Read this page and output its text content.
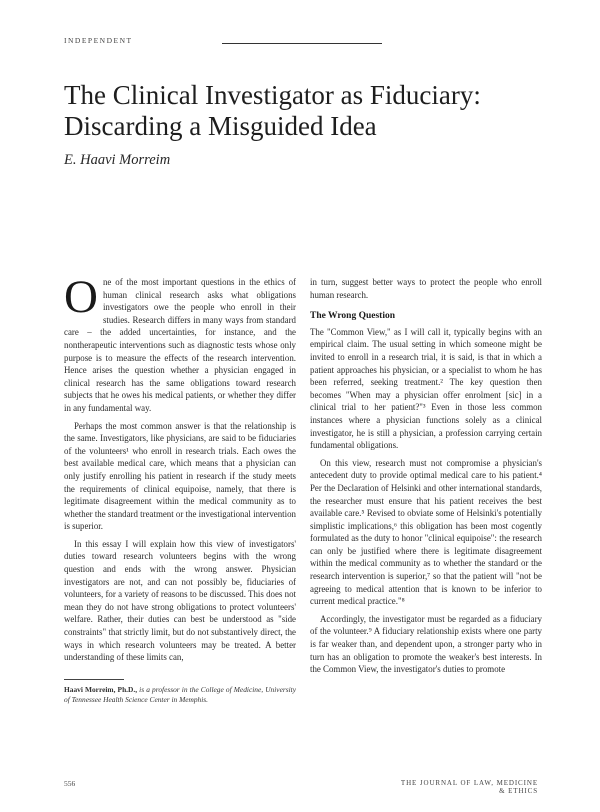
INDEPENDENT
The Clinical Investigator as Fiduciary:
Discarding a Misguided Idea
E. Haavi Morreim

One of the most important questions in the ethics of human clinical research asks what obligations investigators owe the people who enroll in their studies. Research differs in many ways from standard care – the added uncertainties, for instance, and the nontherapeutic interventions such as diagnostic tests whose only purpose is to measure the effects of the research intervention. Hence arises the question whether a physician engaged in clinical research has the same obligations toward research subjects that he owes his medical patients, or whether they differ in any fundamental way.

Perhaps the most common answer is that the relationship is the same. Investigators, like physicians, are said to be fiduciaries of the volunteers¹ who enroll in research trials. Each owes the best available medical care, which means that a physician can only justify enrolling his patient in research if the study meets the requirements of clinical equipoise, namely, that there is legitimate disagreement within the medical community as to whether the standard treatment or the investigational intervention is superior.

In this essay I will explain how this view of investigators' duties toward research volunteers begins with the wrong question and ends with the wrong answer. Physician investigators are not, and can not possibly be, fiduciaries of volunteers, for a variety of reasons to be discussed. This does not mean they do not have strong obligations to protect volunteers' welfare. Rather, their duties can best be understood as "side constraints" that strictly limit, but do not substantively direct, the ways in which research volunteers may be treated. A better understanding of these limits can,

in turn, suggest better ways to protect the people who enroll human research.

The Wrong Question

The "Common View," as I will call it, typically begins with an empirical claim. The usual setting in which someone might be invited to enroll in a research trial, it is said, is that in which a patient approaches his physician, or a specialist to whom he has been referred, seeking treatment.² The key question then becomes "When may a physician offer enrolment [sic] in a clinical trial to her patient?"³ Even in those less common instances where a physician functions solely as a clinical investigator, he is still a physician, a profession carrying certain fundamental obligations.

On this view, research must not compromise a physician's antecedent duty to provide optimal medical care to his patient.⁴ Per the Declaration of Helsinki and other international standards, the researcher must ensure that his patient receives the best available care.⁵ Revised to obviate some of Helsinki's potentially simplistic implications,⁶ this obligation has been most cogently formulated as the duty to honor "clinical equipoise": the research can only be justified where there is legitimate disagreement within the medical community as to whether the standard or the research intervention is superior,⁷ so that the patient will "not be agreeing to medical attention that is known to be inferior to current medical practice."⁸

Accordingly, the investigator must be regarded as a fiduciary of the volunteer.⁹ A fiduciary relationship exists where one party is far weaker than, and dependent upon, a stronger party who in turn has an obligation to promote the weaker's best interests. In the Common View, the investigator's duties to promote

Haavi Morreim, Ph.D., is a professor in the College of Medicine, University of Tennessee Health Science Center in Memphis.
556	THE JOURNAL OF LAW, MEDICINE & ETHICS
